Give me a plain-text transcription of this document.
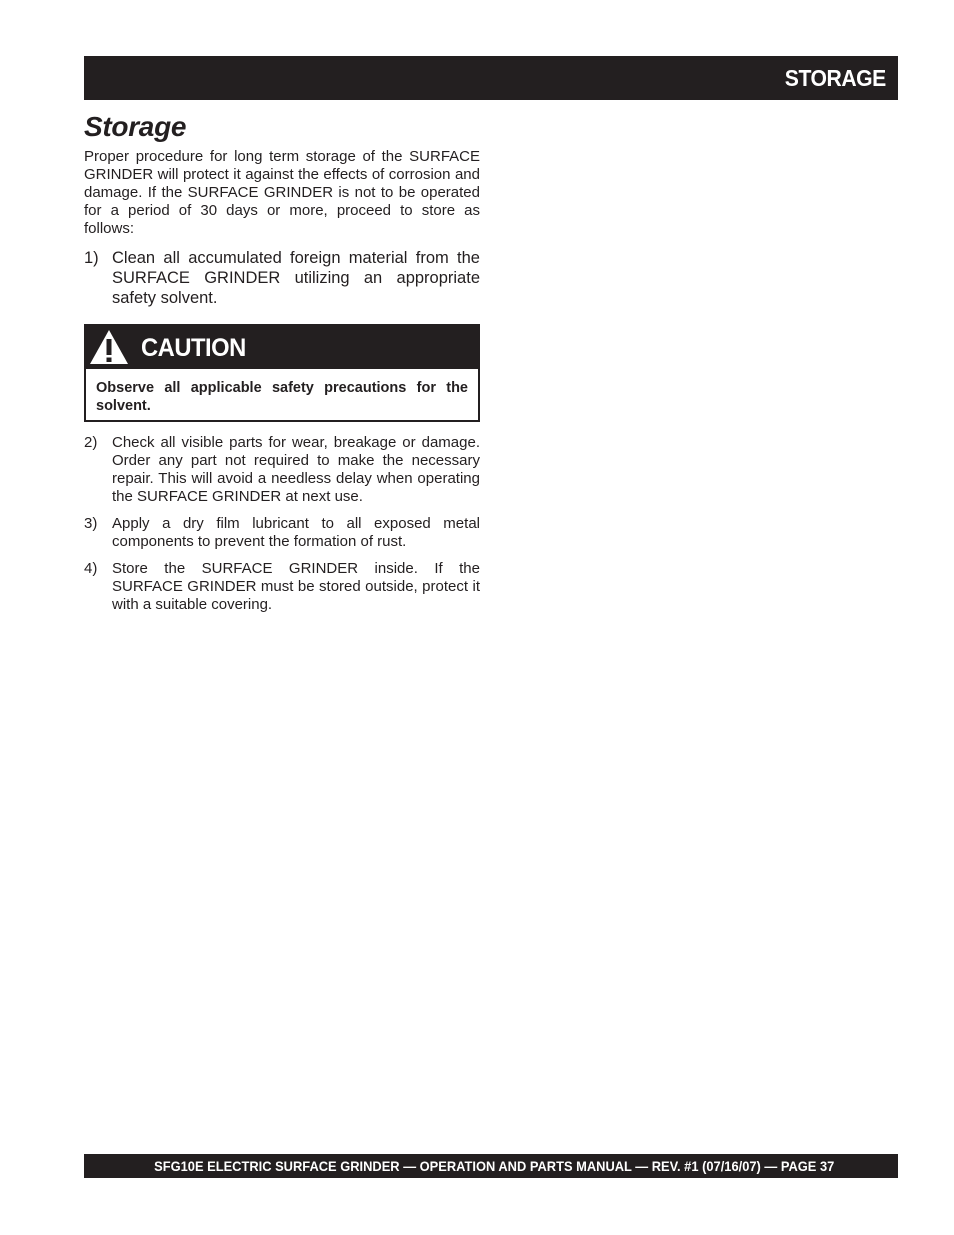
STORAGE
Storage

Proper procedure for long term storage of the SURFACE GRINDER will protect it against the effects of corrosion and damage. If the SURFACE GRINDER is not to be operated for a period of 30 days or more, proceed to store as follows:

1) Clean all accumulated foreign material from the SURFACE GRINDER utilizing an appropriate safety solvent.
CAUTION
Observe all applicable safety precautions for the solvent.
2) Check all visible parts for wear, breakage or damage. Order any part not required to make the necessary repair. This will avoid a needless delay when operating the SURFACE GRINDER at next use.
3) Apply a dry film lubricant to all exposed metal components to prevent the formation of rust.
4) Store the SURFACE GRINDER inside. If the SURFACE GRINDER must be stored outside, protect it with a suitable covering.
SFG10E ELECTRIC SURFACE GRINDER — OPERATION AND PARTS MANUAL — REV. #1 (07/16/07) — PAGE 37
